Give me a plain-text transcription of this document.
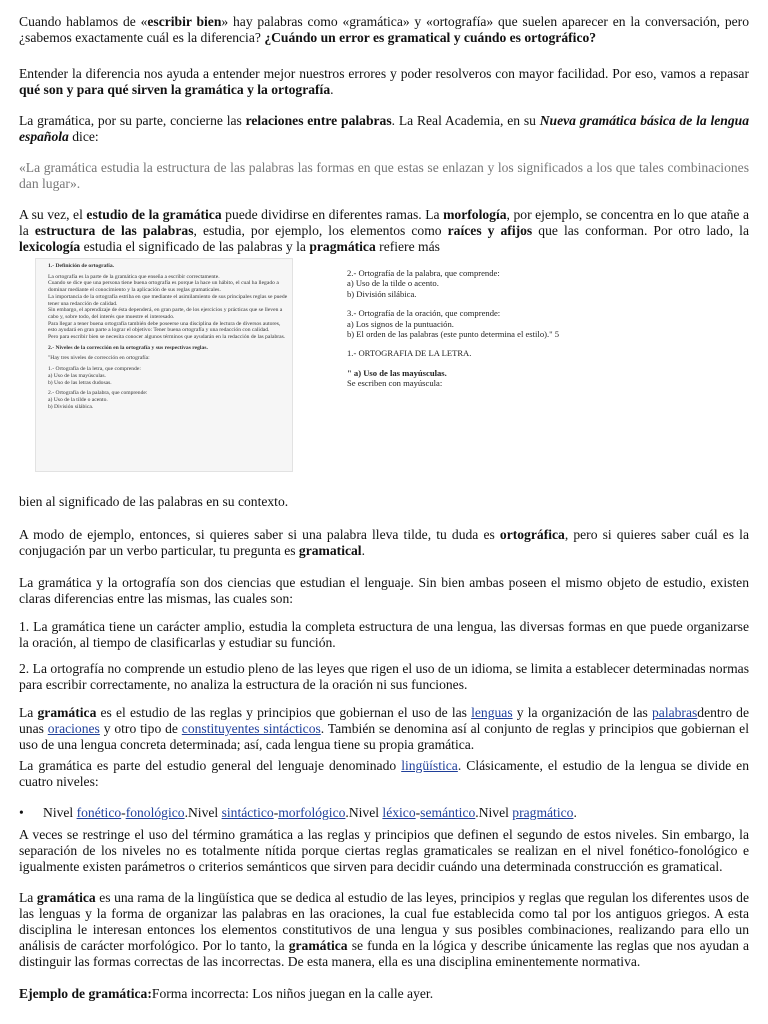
Cuando hablamos de «escribir bien» hay palabras como «gramática» y «ortografía» que suelen aparecer en la conversación, pero ¿sabemos exactamente cuál es la diferencia? ¿Cuándo un error es gramatical y cuándo es ortográfico?

Entender la diferencia nos ayuda a entender mejor nuestros errores y poder resolveros con mayor facilidad. Por eso, vamos a repasar qué son y para qué sirven la gramática y la ortografía.

La gramática, por su parte, concierne las relaciones entre palabras. La Real Academia, en su Nueva gramática básica de la lengua española dice:

«La gramática estudia la estructura de las palabras las formas en que estas se enlazan y los significados a los que tales combinaciones dan lugar».

A su vez, el estudio de la gramática puede dividirse en diferentes ramas. La morfología, por ejemplo, se concentra en lo que atañe a la estructura de las palabras, estudia, por ejemplo, los elementos como raíces y afijos que las conforman. Por otro lado, la lexicología estudia el significado de las palabras y la pragmática refiere más

bien al significado de las palabras en su contexto.

A modo de ejemplo, entonces, si quieres saber si una palabra lleva tilde, tu duda es ortográfica, pero si quieres saber cuál es la conjugación par un verbo particular, tu pregunta es gramatical.

La gramática y la ortografía son dos ciencias que estudian el lenguaje. Sin bien ambas poseen el mismo objeto de estudio, existen claras diferencias entre las mismas, las cuales son:

1. La gramática tiene un carácter amplio, estudia la completa estructura de una lengua, las diversas formas en que puede organizarse la oración, al tiempo de clasificarlas y estudiar su función.

2. La ortografía no comprende un estudio pleno de las leyes que rigen el uso de un idioma, se limita a establecer determinadas normas para escribir correctamente, no analiza la estructura de la oración ni sus funciones.

La gramática es el estudio de las reglas y principios que gobiernan el uso de las lenguas y la organización de las palabrasdentro de unas oraciones y otro tipo de constituyentes sintácticos. También se denomina así al conjunto de reglas y principios que gobiernan el uso de una lengua concreta determinada; así, cada lengua tiene su propia gramática.

La gramática es parte del estudio general del lenguaje denominado lingüística. Clásicamente, el estudio de la lengua se divide en cuatro niveles:

• Nivel fonético-fonológico.Nivel sintáctico-morfológico.Nivel léxico-semántico.Nivel pragmático.

A veces se restringe el uso del término gramática a las reglas y principios que definen el segundo de estos niveles. Sin embargo, la separación de los niveles no es totalmente nítida porque ciertas reglas gramaticales se realizan en el nivel fonético-fonológico e igualmente existen parámetros o criterios semánticos que sirven para decidir cuándo una determinada construcción es gramatical.

La gramática es una rama de la lingüística que se dedica al estudio de las leyes, principios y reglas que regulan los diferentes usos de las lenguas y la forma de organizar las palabras en las oraciones, la cual fue establecida como tal por los antiguos griegos. A esta disciplina le interesan entonces los elementos constitutivos de una lengua y sus posibles combinaciones, realizando para ello un análisis de carácter morfológico. Por lo tanto, la gramática se funda en la lógica y describe únicamente las reglas que nos ayudan a distinguir las formas correctas de las incorrectas. De esta manera, ella es una disciplina eminentemente normativa.

Ejemplo de gramática:Forma incorrecta: Los niños juegan en la calle ayer.

1.- Definición de ortografía.

La ortografía es la parte de la gramática que enseña a escribir correctamente.

Cuando se dice que una persona tiene buena ortografía es porque la hace un hábito, el cual ha llegado a dominar mediante el conocimiento y la aplicación de sus reglas gramaticales.

La importancia de la ortografía estriba en que mediante el asimilamiento de sus principales reglas se puede tener una redacción de calidad.

Sin embargo, el aprendizaje de ésta dependerá, en gran parte, de los ejercicios y prácticas que se lleven a cabo y, sobre todo, del interés que muestre el interesado.

Para llegar a tener buena ortografía también debe poseerse una disciplina de lectura de diversos autores, esto ayudará en gran parte a lograr el objetivo: Tener buena ortografía y una redacción con calidad.

Pero para escribir bien se necesita conocer algunos términos que ayudarán en la redacción de las palabras.

2.- Niveles de la corrección en la ortografía y sus respectivas reglas.

"Hay tres niveles de corrección en ortografía:

1.- Ortografía de la letra, que comprende:

a) Uso de las mayúsculas.

b) Uso de las letras dudosas.

2.- Ortografía de la palabra, que comprende:

a) Uso de la tilde o acento.

b) División silábica.

2.- Ortografía de la palabra, que comprende:

a) Uso de la tilde o acento.

b) División silábica.

3.- Ortografía de la oración, que comprende:

a) Los signos de la puntuación.

b) El orden de las palabras (este punto determina el estilo)." 5

1.- ORTOGRAFIA DE LA LETRA.

" a) Uso de las mayúsculas.

Se escriben con mayúscula:
